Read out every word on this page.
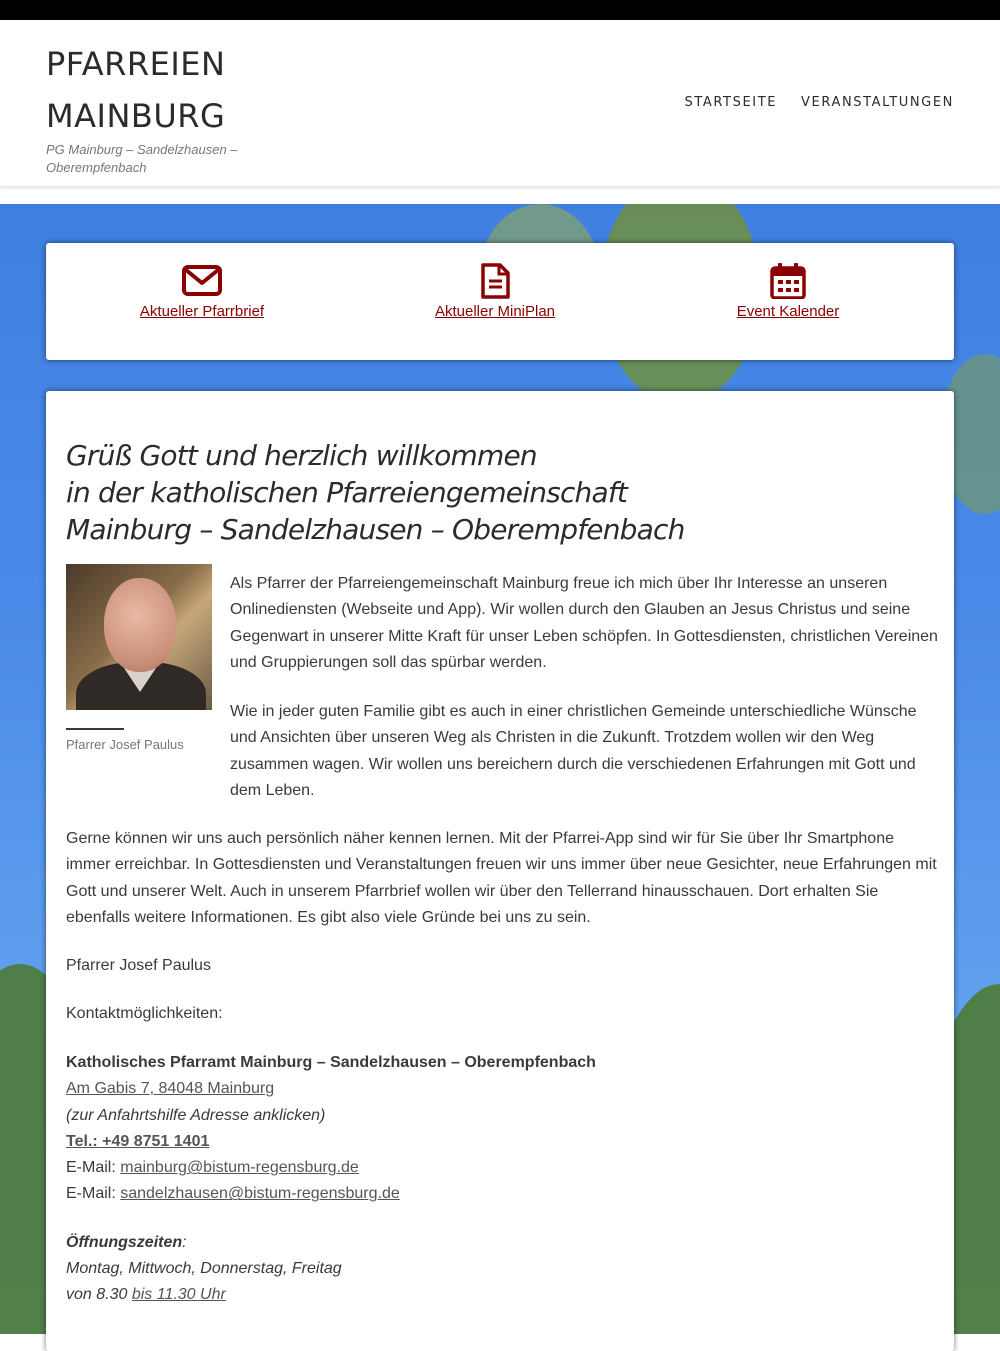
PFARREIEN MAINBURG
PG Mainburg – Sandelzhausen – Oberempfenbach
STARTSEITE VERANSTALTUNGEN
Aktueller Pfarrbrief	Aktueller MiniPlan	Event Kalender
Grüß Gott und herzlich willkommen
in der katholischen Pfarreiengemeinschaft
Mainburg – Sandelzhausen – Oberempfenbach
Pfarrer Josef Paulus

Als Pfarrer der Pfarreiengemeinschaft Mainburg freue ich mich über Ihr Interesse an unseren Onlinediensten (Webseite und App). Wir wollen durch den Glauben an Jesus Christus und seine Gegenwart in unserer Mitte Kraft für unser Leben schöpfen. In Gottesdiensten, christlichen Vereinen und Gruppierungen soll das spürbar werden.

Wie in jeder guten Familie gibt es auch in einer christlichen Gemeinde unterschiedliche Wünsche und Ansichten über unseren Weg als Christen in die Zukunft. Trotzdem wollen wir den Weg zusammen wagen. Wir wollen uns bereichern durch die verschiedenen Erfahrungen mit Gott und dem Leben.

Gerne können wir uns auch persönlich näher kennen lernen. Mit der Pfarrei-App sind wir für Sie über Ihr Smartphone immer erreichbar. In Gottesdiensten und Veranstaltungen freuen wir uns immer über neue Gesichter, neue Erfahrungen mit Gott und unserer Welt. Auch in unserem Pfarrbrief wollen wir über den Tellerrand hinausschauen. Dort erhalten Sie ebenfalls weitere Informationen. Es gibt also viele Gründe bei uns zu sein.

Pfarrer Josef Paulus

Kontaktmöglichkeiten:

Katholisches Pfarramt Mainburg – Sandelzhausen – Oberempfenbach
Am Gabis 7, 84048 Mainburg
(zur Anfahrtshilfe Adresse anklicken)
Tel.: +49 8751 1401
E-Mail: mainburg@bistum-regensburg.de
E-Mail: sandelzhausen@bistum-regensburg.de
Öffnungszeiten:
Montag, Mittwoch, Donnerstag, Freitag
von 8.30 bis 11.30 Uhr
